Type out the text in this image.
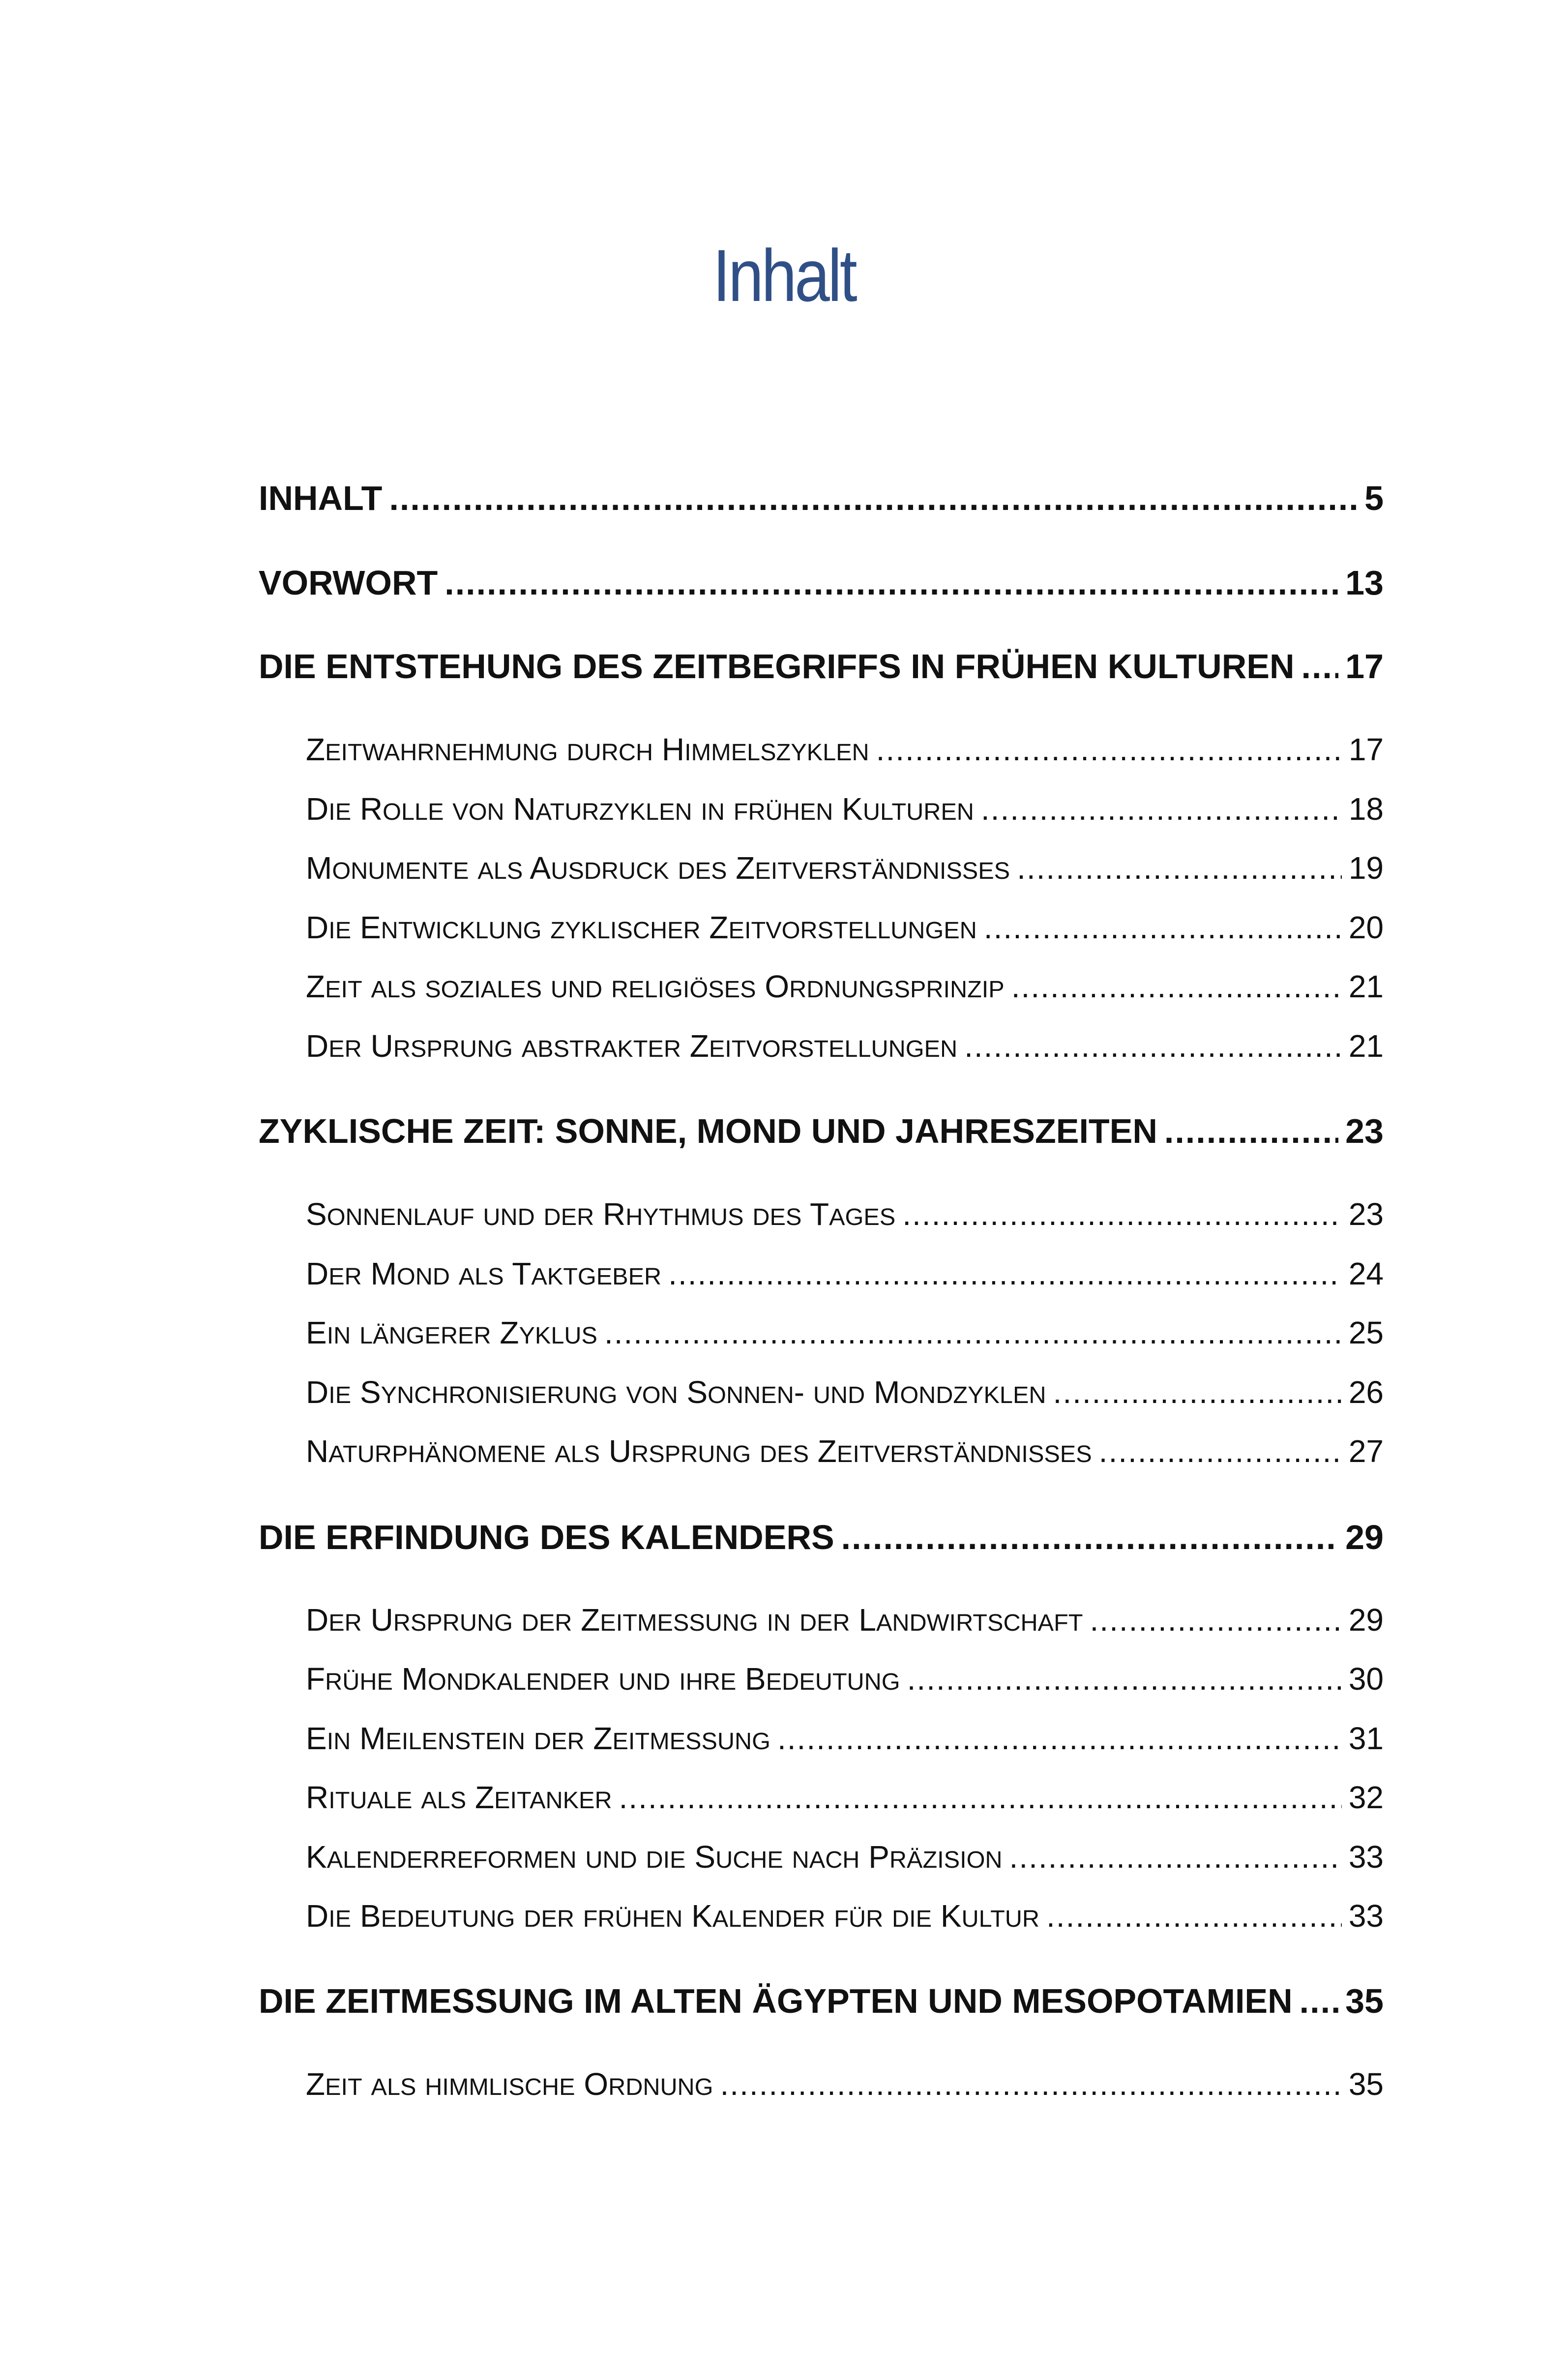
Inhalt
INHALT .....	5
VORWORT .....	13
DIE ENTSTEHUNG DES ZEITBEGRIFFS IN FRÜHEN KULTUREN ..... 17
ZEITWAHRNEHMUNG DURCH HIMMELSZYKLEN .....	17
DIE ROLLE VON NATURZYKLEN IN FRÜHEN KULTUREN .....	18
MONUMENTE ALS AUSDRUCK DES ZEITVERSTÄNDNISSES .....	19
DIE ENTWICKLUNG ZYKLISCHER ZEITVORSTELLUNGEN .....	20
ZEIT ALS SOZIALES UND RELIGIÖSES ORDNUNGSPRINZIP .....	21
DER URSPRUNG ABSTRAKTER ZEITVORSTELLUNGEN .....	21
ZYKLISCHE ZEIT: SONNE, MOND UND JAHRESZEITEN .....	23
SONNENLAUF UND DER RHYTHMUS DES TAGES .....	23
DER MOND ALS TAKTGEBER .....	24
EIN LÄNGERER ZYKLUS .....	25
DIE SYNCHRONISIERUNG VON SONNEN- UND MONDZYKLEN .....	26
NATURPHÄNOMENE ALS URSPRUNG DES ZEITVERSTÄNDNISSES .....	27
DIE ERFINDUNG DES KALENDERS .....	29
DER URSPRUNG DER ZEITMESSUNG IN DER LANDWIRTSCHAFT .....	29
FRÜHE MONDKALENDER UND IHRE BEDEUTUNG .....	30
EIN MEILENSTEIN DER ZEITMESSUNG .....	31
RITUALE ALS ZEITANKER .....	32
KALENDERREFORMEN UND DIE SUCHE NACH PRÄZISION .....	33
DIE BEDEUTUNG DER FRÜHEN KALENDER FÜR DIE KULTUR .....	33
DIE ZEITMESSUNG IM ALTEN ÄGYPTEN UND MESOPOTAMIEN ..... 35
ZEIT ALS HIMMLISCHE ORDNUNG .....	35
